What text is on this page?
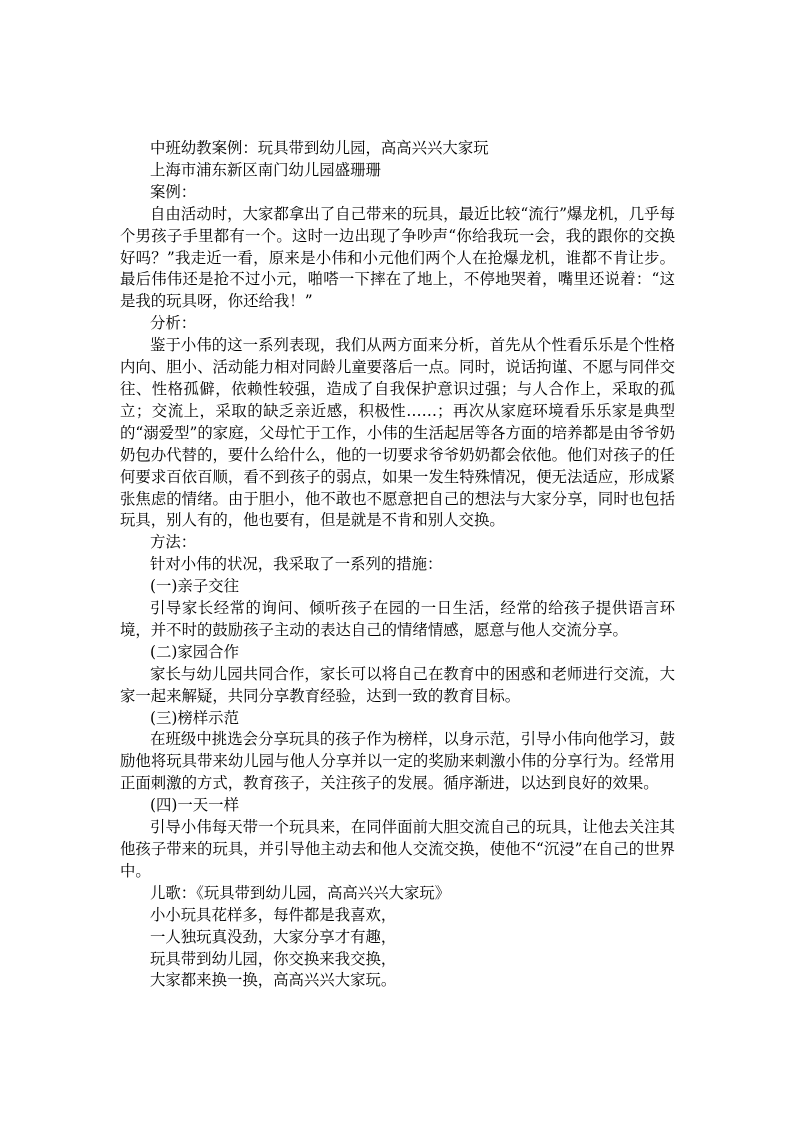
中班幼教案例：玩具带到幼儿园，高高兴兴大家玩

上海市浦东新区南门幼儿园盛珊珊

案例：

自由活动时，大家都拿出了自己带来的玩具，最近比较“流行”爆龙机，几乎每个男孩子手里都有一个。这时一边出现了争吵声“你给我玩一会，我的跟你的交换好吗？”我走近一看，原来是小伟和小元他们两个人在抢爆龙机，谁都不肯让步。最后伟伟还是抢不过小元，啪嗒一下摔在了地上，不停地哭着，嘴里还说着：“这是我的玩具呀，你还给我！”

分析：

鉴于小伟的这一系列表现，我们从两方面来分析，首先从个性看乐乐是个性格内向、胆小、活动能力相对同龄儿童要落后一点。同时，说话拘谨、不愿与同伴交往、性格孤僻，依赖性较强，造成了自我保护意识过强；与人合作上，采取的孤立；交流上，采取的缺乏亲近感，积极性……；再次从家庭环境看乐乐家是典型的“溺爱型”的家庭，父母忙于工作，小伟的生活起居等各方面的培养都是由爷爷奶奶包办代替的，要什么给什么，他的一切要求爷爷奶奶都会依他。他们对孩子的任何要求百依百顺，看不到孩子的弱点，如果一发生特殊情况，便无法适应，形成紧张焦虑的情绪。由于胆小，他不敢也不愿意把自己的想法与大家分享，同时也包括玩具，别人有的，他也要有，但是就是不肯和别人交换。

方法：

针对小伟的状况，我采取了一系列的措施：

(一)亲子交往

引导家长经常的询问、倾听孩子在园的一日生活，经常的给孩子提供语言环境，并不时的鼓励孩子主动的表达自己的情绪情感，愿意与他人交流分享。

(二)家园合作

家长与幼儿园共同合作，家长可以将自己在教育中的困惑和老师进行交流，大家一起来解疑，共同分享教育经验，达到一致的教育目标。

(三)榜样示范

在班级中挑选会分享玩具的孩子作为榜样，以身示范，引导小伟向他学习，鼓励他将玩具带来幼儿园与他人分享并以一定的奖励来刺激小伟的分享行为。经常用正面刺激的方式，教育孩子，关注孩子的发展。循序渐进，以达到良好的效果。

(四)一天一样

引导小伟每天带一个玩具来，在同伴面前大胆交流自己的玩具，让他去关注其他孩子带来的玩具，并引导他主动去和他人交流交换，使他不“沉浸”在自己的世界中。

儿歌：《玩具带到幼儿园，高高兴兴大家玩》

小小玩具花样多，每件都是我喜欢，

一人独玩真没劲，大家分享才有趣，

玩具带到幼儿园，你交换来我交换，

大家都来换一换，高高兴兴大家玩。
